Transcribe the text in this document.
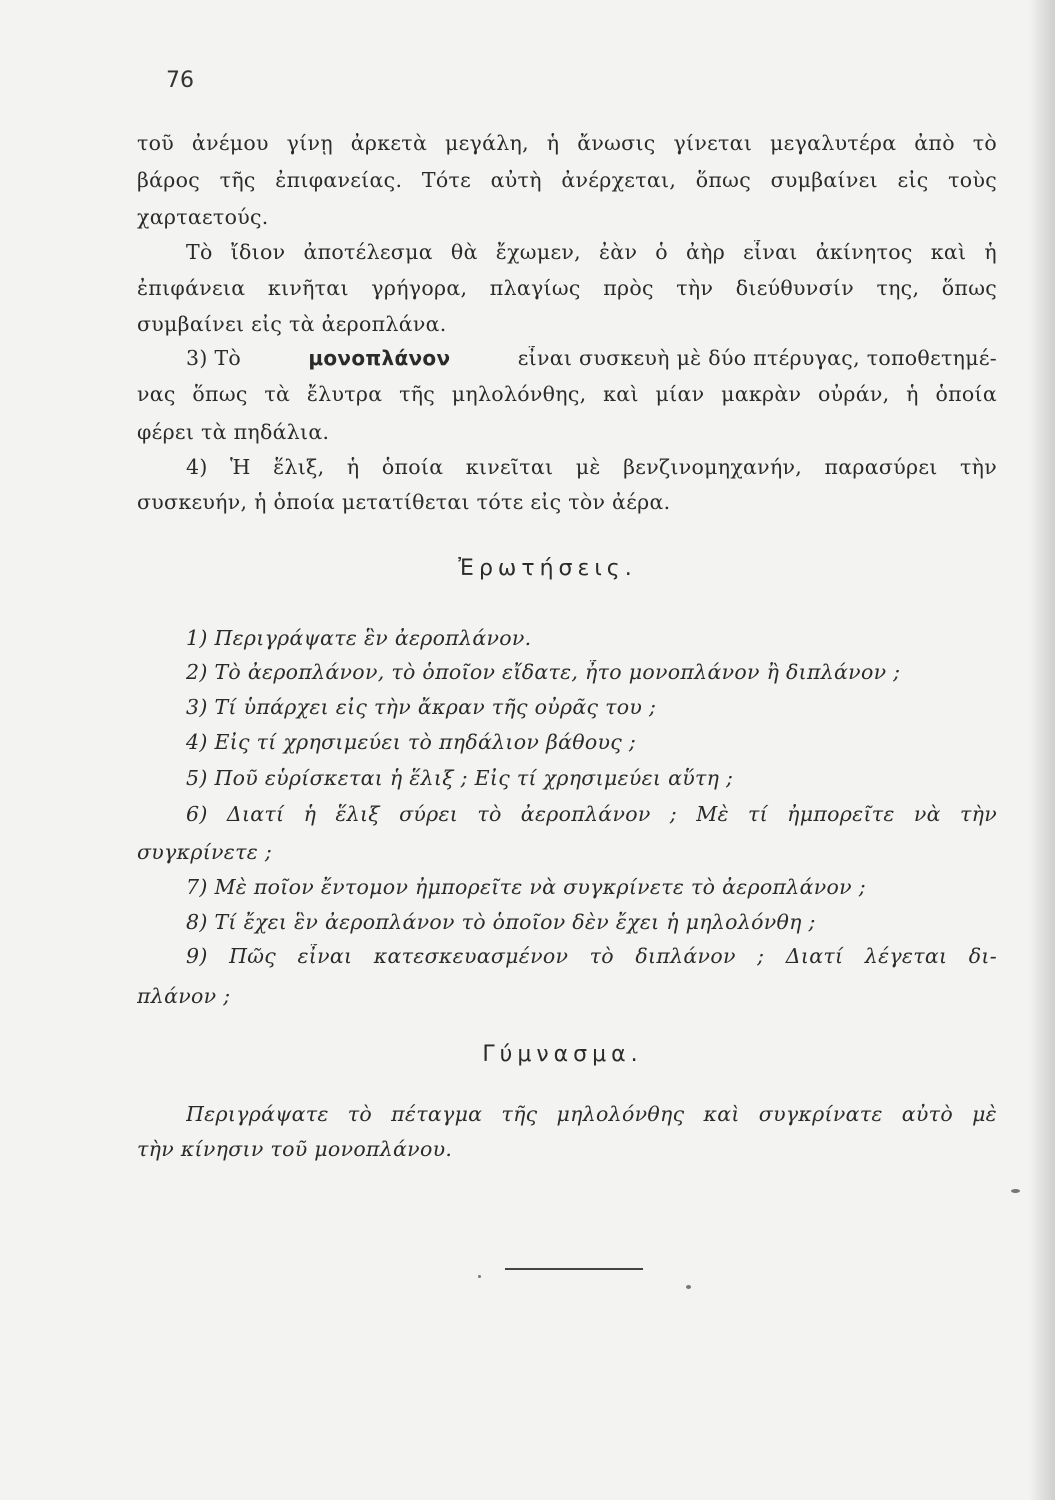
76
τοῦ ἀνέμου γίνῃ ἀρκετὰ μεγάλη, ἡ ἄνωσις γίνεται μεγαλυτέρα ἀπὸ τὸ
βάρος τῆς ἐπιφανείας. Τότε αὐτὴ ἀνέρχεται, ὅπως συμβαίνει εἰς τοὺς
χαρταετούς.
Τὸ ἴδιον ἀποτέλεσμα θὰ ἔχωμεν, ἐὰν ὁ ἀὴρ εἶναι ἀκίνητος καὶ ἡ
ἐπιφάνεια κινῆται γρήγορα, πλαγίως πρὸς τὴν διεύθυνσίν της, ὅπως
συμβαίνει εἰς τὰ ἀεροπλάνα.
3) Τὸ	μονοπλάνον	εἶναι συσκευὴ μὲ δύο πτέρυγας, τοποθετημέ-
νας ὅπως τὰ ἔλυτρα τῆς μηλολόνθης, καὶ μίαν μακρὰν οὐράν, ἡ ὁποία
φέρει τὰ πηδάλια.
4) Ἡ ἕλιξ, ἡ ὁποία κινεῖται μὲ βενζινομηχανήν, παρασύρει τὴν
συσκευήν, ἡ ὁποία μετατίθεται τότε εἰς τὸν ἀέρα.
Ἐρωτήσεις.
1) Περιγράψατε ἓν ἀεροπλάνον.
2) Τὸ ἀεροπλάνον, τὸ ὁποῖον εἴδατε, ἦτο μονοπλάνον ἢ διπλάνον ;
3) Τί ὑπάρχει εἰς τὴν ἄκραν τῆς οὐρᾶς του ;
4) Εἰς τί χρησιμεύει τὸ πηδάλιον βάθους ;
5) Ποῦ εὑρίσκεται ἡ ἕλιξ ; Εἰς τί χρησιμεύει αὕτη ;
6) Διατί ἡ ἕλιξ σύρει τὸ ἀεροπλάνον ; Μὲ τί ἠμπορεῖτε νὰ τὴν
συγκρίνετε ;
7) Μὲ ποῖον ἔντομον ἠμπορεῖτε νὰ συγκρίνετε τὸ ἀεροπλάνον ;
8) Τί ἔχει ἓν ἀεροπλάνον τὸ ὁποῖον δὲν ἔχει ἡ μηλολόνθη ;
9) Πῶς εἶναι κατεσκευασμένον τὸ διπλάνον ; Διατί λέγεται δι-
πλάνον ;
Γύμνασμα.
Περιγράψατε τὸ πέταγμα τῆς μηλολόνθης καὶ συγκρίνατε αὐτὸ μὲ
τὴν κίνησιν τοῦ μονοπλάνου.
